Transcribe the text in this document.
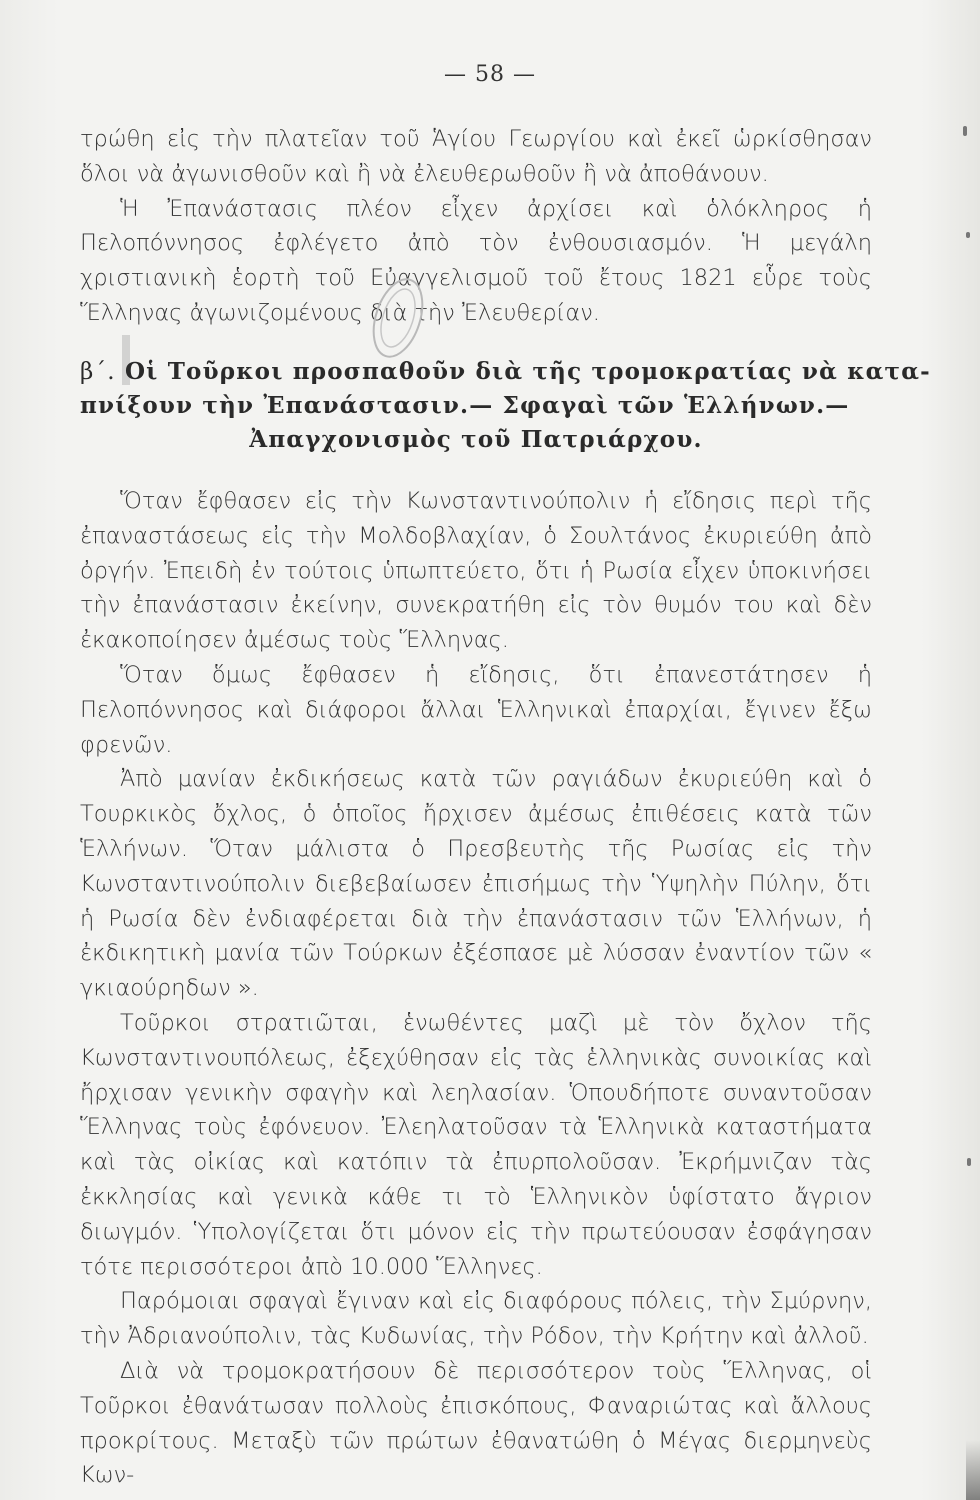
— 58 —

τρώθη εἰς τὴν πλατεῖαν τοῦ Ἁγίου Γεωργίου καὶ ἐκεῖ ὡρκίσθησαν ὅλοι νὰ ἀγωνισθοῦν καὶ ἢ νὰ ἐλευθερωθοῦν ἢ νὰ ἀποθάνουν.

Ἡ Ἐπανάστασις πλέον εἶχεν ἀρχίσει καὶ ὁλόκληρος ἡ Πελοπόννησος ἐφλέγετο ἀπὸ τὸν ἐνθουσιασμόν. Ἡ μεγάλη χριστιανικὴ ἑορτὴ τοῦ Εὐαγγελισμοῦ τοῦ ἔτους 1821 εὗρε τοὺς Ἕλληνας ἀγωνιζομένους διὰ τὴν Ἐλευθερίαν.

β΄. Οἱ Τοῦρκοι προσπαθοῦν διὰ τῆς τρομοκρατίας νὰ κατα-
πνίξουν τὴν Ἐπανάστασιν.— Σφαγαὶ τῶν Ἑλλήνων.—
Ἀπαγχονισμὸς τοῦ Πατριάρχου.

Ὅταν ἔφθασεν εἰς τὴν Κωνσταντινούπολιν ἡ εἴδησις περὶ τῆς ἐπαναστάσεως εἰς τὴν Μολδοβλαχίαν, ὁ Σουλτάνος ἐκυριεύθη ἀπὸ ὀργήν. Ἐπειδὴ ἐν τούτοις ὑπωπτεύετο, ὅτι ἡ Ρωσία εἶχεν ὑποκινήσει τὴν ἐπανάστασιν ἐκείνην, συνεκρατήθη εἰς τὸν θυμόν του καὶ δὲν ἐκακοποίησεν ἀμέσως τοὺς Ἕλληνας.

Ὅταν ὅμως ἔφθασεν ἡ εἴδησις, ὅτι ἐπανεστάτησεν ἡ Πελοπόννησος καὶ διάφοροι ἄλλαι Ἑλληνικαὶ ἐπαρχίαι, ἔγινεν ἔξω φρενῶν.

Ἀπὸ μανίαν ἐκδικήσεως κατὰ τῶν ραγιάδων ἐκυριεύθη καὶ ὁ Τουρκικὸς ὄχλος, ὁ ὁποῖος ἤρχισεν ἀμέσως ἐπιθέσεις κατὰ τῶν Ἑλλήνων. Ὅταν μάλιστα ὁ Πρεσβευτὴς τῆς Ρωσίας εἰς τὴν Κωνσταντινούπολιν διεβεβαίωσεν ἐπισήμως τὴν Ὑψηλὴν Πύλην, ὅτι ἡ Ρωσία δὲν ἐνδιαφέρεται διὰ τὴν ἐπανάστασιν τῶν Ἑλλήνων, ἡ ἐκδικητικὴ μανία τῶν Τούρκων ἐξέσπασε μὲ λύσσαν ἐναντίον τῶν « γκιαούρηδων ».

Τοῦρκοι στρατιῶται, ἑνωθέντες μαζὶ μὲ τὸν ὄχλον τῆς Κωνσταντινουπόλεως, ἐξεχύθησαν εἰς τὰς ἑλληνικὰς συνοικίας καὶ ἤρχισαν γενικὴν σφαγὴν καὶ λεηλασίαν. Ὁπουδήποτε συναντοῦσαν Ἕλληνας τοὺς ἐφόνευον. Ἐλεηλατοῦσαν τὰ Ἑλληνικὰ καταστήματα καὶ τὰς οἰκίας καὶ κατόπιν τὰ ἐπυρπολοῦσαν. Ἐκρήμνιζαν τὰς ἐκκλησίας καὶ γενικὰ κάθε τι τὸ Ἑλληνικὸν ὑφίστατο ἄγριον διωγμόν. Ὑπολογίζεται ὅτι μόνον εἰς τὴν πρωτεύουσαν ἐσφάγησαν τότε περισσότεροι ἀπὸ 10.000 Ἕλληνες.

Παρόμοιαι σφαγαὶ ἔγιναν καὶ εἰς διαφόρους πόλεις, τὴν Σμύρνην, τὴν Ἀδριανούπολιν, τὰς Κυδωνίας, τὴν Ρόδον, τὴν Κρήτην καὶ ἀλλοῦ.

Διὰ νὰ τρομοκρατήσουν δὲ περισσότερον τοὺς Ἕλληνας, οἱ Τοῦρκοι ἐθανάτωσαν πολλοὺς ἐπισκόπους, Φαναριώτας καὶ ἄλλους προκρίτους. Μεταξὺ τῶν πρώτων ἐθανατώθη ὁ Μέγας διερμηνεὺς Κων-
